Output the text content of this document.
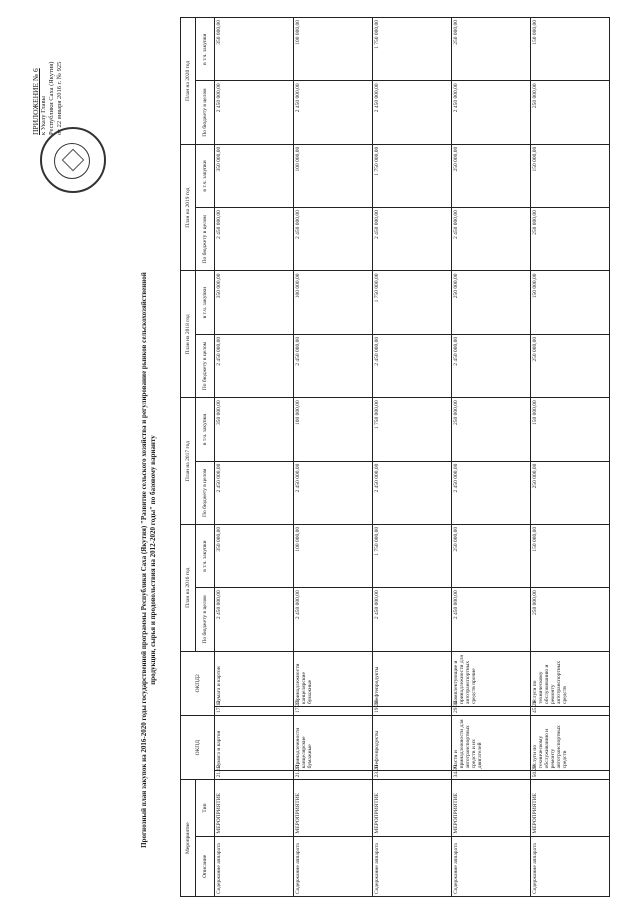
ПРИЛОЖЕНИЕ № 6 к Указу Главы Республики Саха (Якутия) от 22 января 2016 г. № 925
Прогнозный план закупок на 2016-2020 годы государственной программы Республики Саха (Якутия) "Развитие сельского хозяйства и регулирование рынков сельскохозяйственной продукции, сырья и продовольствия на 2012-2020 годы" по базовому варианту
Мероприятие		ОКПД		ОКПД2		План на 2016 год		План на 2017 год		План на 2018 год		План на 2019 год		План на 2020 год	
Описание	Тип					По бюджету в целом	в т.ч. закупки	По бюджету в целом	в т.ч. закупки	По бюджету в целом	в т.ч. закупки	По бюджету в целом	в т.ч. закупки	По бюджету в целом	в т.ч. закупки

Содержание аппарата	МЕРОПРИЯТИЕ	21.12	Бумага и картон	17.12	Бумага и картон	2 450 000,00	350 000,00	2 450 000,00	350 000,00	2 450 000,00	350 000,00	2 450 000,00	350 000,00	2 450 000,00	350 000,00
Содержание аппарата	МЕРОПРИЯТИЕ	21.23	Принадлежности канцелярские бумажные	17.23	Принадлежности канцелярские бумажные	2 450 000,00	100 000,00	2 450 000,00	100 000,00	2 450 000,00	100 000,00	2 450 000,00	100 000,00	2 450 000,00	100 000,00
Содержание аппарата	МЕРОПРИЯТИЕ	23.20	Нефтепродукты	19.20	Нефтепродукты	2 450 000,00	1 750 000,00	2 450 000,00	1 750 000,00	2 450 000,00	1 750 000,00	2 450 000,00	1 750 000,00	2 450 000,00	1 750 000,00
Содержание аппарата	МЕРОПРИЯТИЕ	34.30	Части и принадлежности для автотранспортных средств и их двигателей	29.32	Комплектующие и принадлежности для автотранспортных средств прочие	2 450 000,00	250 000,00	2 450 000,00	250 000,00	2 450 000,00	250 000,00	2 450 000,00	250 000,00	2 450 000,00	250 000,00
Содержание аппарата	МЕРОПРИЯТИЕ	50.20	Услуги по техническому обслуживанию и ремонту автотранспортных средств	45.20	Услуги по техническому обслуживанию и ремонту автотранспортных средств	250 000,00	150 000,00	250 000,00	150 000,00	250 000,00	150 000,00	250 000,00	150 000,00	250 000,00	150 000,00
